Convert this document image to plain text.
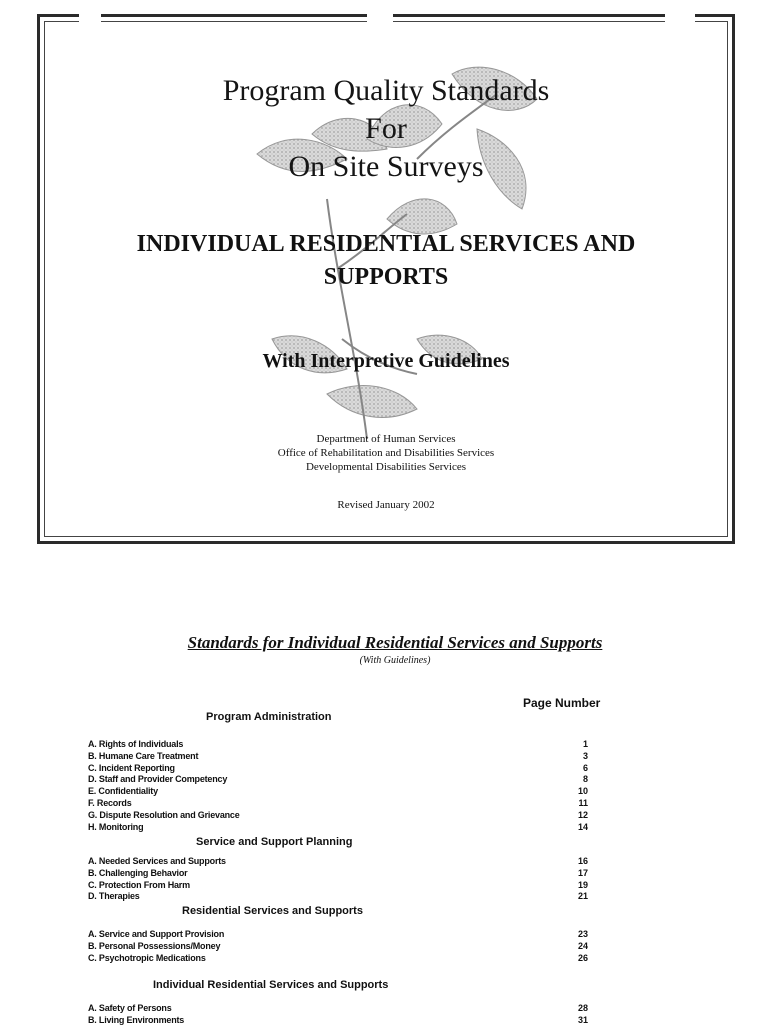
Program Quality Standards
For
On Site Surveys
INDIVIDUAL RESIDENTIAL SERVICES AND
SUPPORTS
With Interpretive Guidelines
Department of Human Services
Office of Rehabilitation and Disabilities Services
Developmental Disabilities Services
Revised January 2002
Standards for Individual Residential Services and Supports
(With Guidelines)
Page Number
Program Administration
A. Rights of Individuals	1
B. Humane Care Treatment	3
C. Incident Reporting	6
D. Staff and Provider Competency	8
E. Confidentiality	10
F. Records	11
G. Dispute Resolution and Grievance	12
H. Monitoring	14
Service and Support Planning
A. Needed Services and Supports	16
B. Challenging Behavior	17
C. Protection From Harm	19
D. Therapies	21
Residential Services and Supports
A. Service and Support Provision	23
B. Personal Possessions/Money	24
C. Psychotropic Medications	26
Individual Residential Services and Supports
A. Safety of Persons	28
B. Living Environments	31
